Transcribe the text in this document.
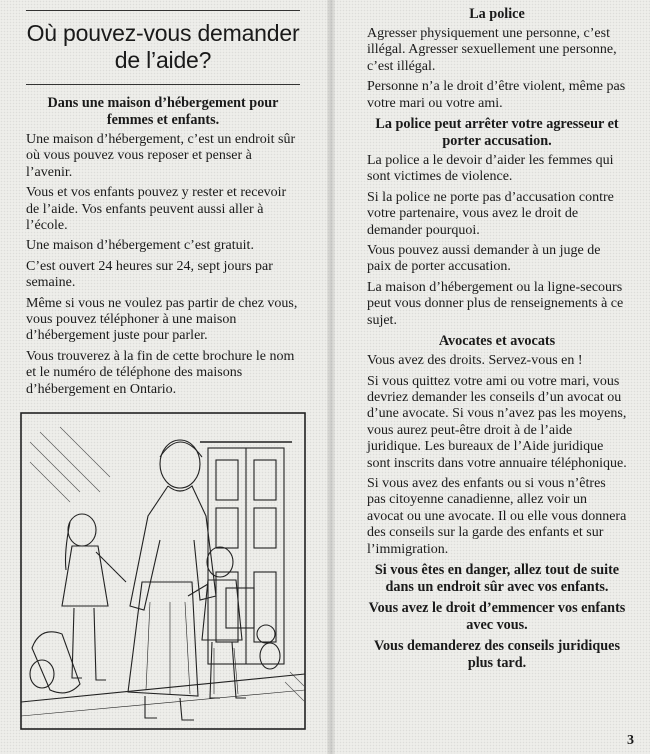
Où pouvez-vous demander
de l’aide?
Dans une maison d’hébergement pour femmes et enfants.

Une maison d’hébergement, c’est un endroit sûr où vous pouvez vous reposer et penser à l’avenir.

Vous et vos enfants pouvez y rester et recevoir de l’aide. Vos enfants peuvent aussi aller à l’école.

Une maison d’hébergement c’est gratuit.

C’est ouvert 24 heures sur 24, sept jours par semaine.

Même si vous ne voulez pas partir de chez vous, vous pouvez téléphoner à une maison d’hébergement juste pour parler.

Vous trouverez à la fin de cette brochure le nom et le numéro de téléphone des maisons d’hébergement en Ontario.

La police

Agresser physiquement une personne, c’est illégal. Agresser sexuellement une personne, c’est illégal.

Personne n’a le droit d’être violent, même pas votre mari ou votre ami.

La police peut arrêter votre agresseur et porter accusation.

La police a le devoir d’aider les femmes qui sont victimes de violence.

Si la police ne porte pas d’accusation contre votre partenaire, vous avez le droit de demander pourquoi.

Vous pouvez aussi demander à un juge de paix de porter accusation.

La maison d’hébergement ou la ligne-secours peut vous donner plus de renseignements à ce sujet.

Avocates et avocats

Vous avez des droits. Servez-vous en !

Si vous quittez votre ami ou votre mari, vous devriez demander les conseils d’un avocat ou d’une avocate. Si vous n’avez pas les moyens, vous aurez peut-être droit à de l’aide juridique. Les bureaux de l’Aide juridique sont inscrits dans votre annuaire téléphonique.

Si vous avez des enfants ou si vous n’êtres pas citoyenne canadienne, allez voir un avocat ou une avocate. Il ou elle vous donnera des conseils sur la garde des enfants et sur l’immigration.

Si vous êtes en danger, allez tout de suite dans un endroit sûr avec vos enfants.
Vous avez le droit d’emmencer vos enfants avec vous.
Vous demanderez des conseils juridiques plus tard.
3
